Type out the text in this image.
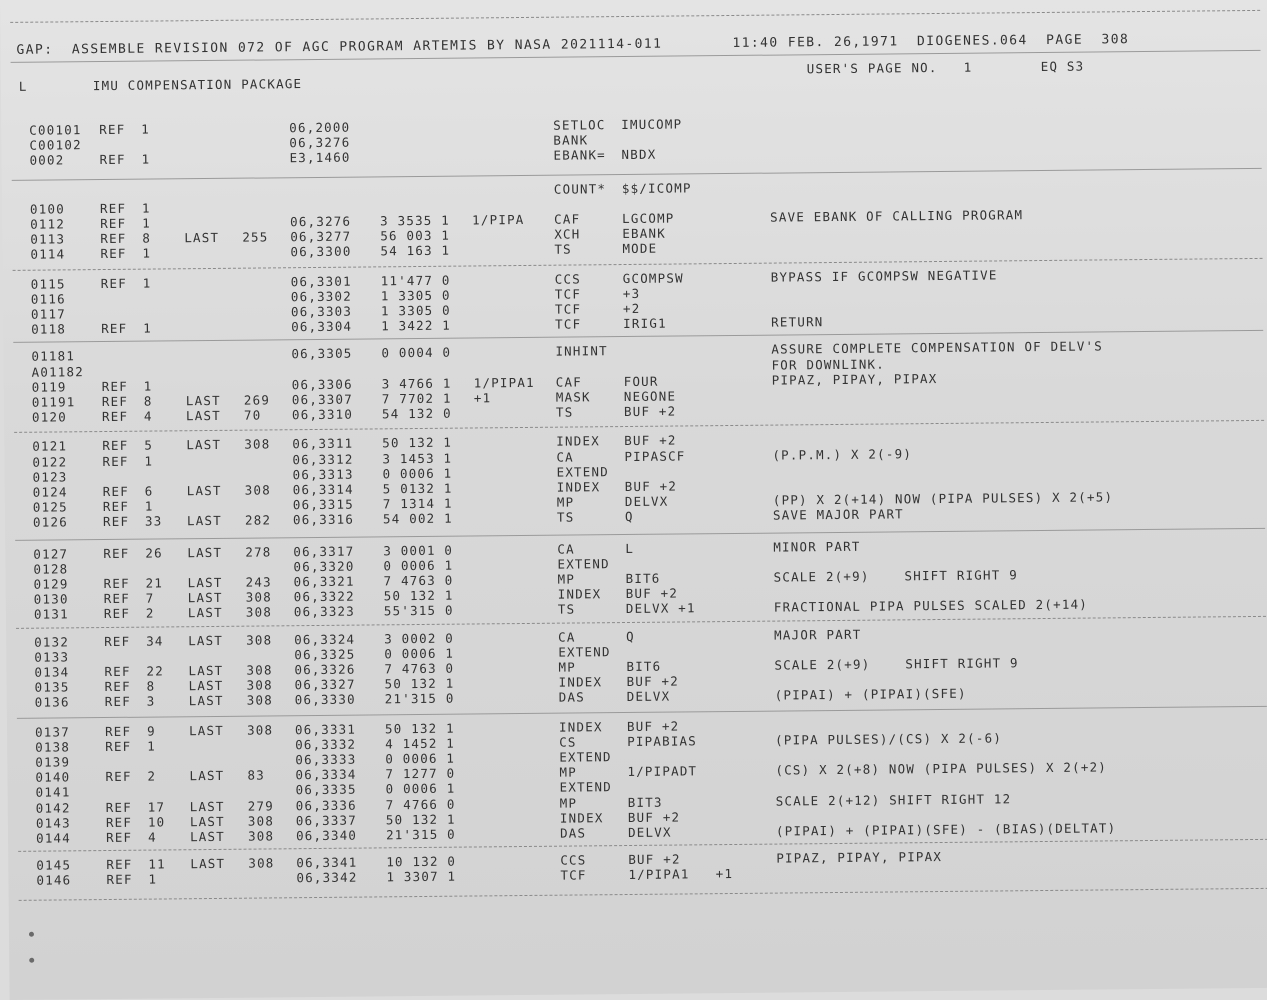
GAP:  ASSEMBLE REVISION 072 OF AGC PROGRAM ARTEMIS BY NASA 2021114-011	11:40 FEB. 26,1971  DIOGENES.064  PAGE  308
L	IMU COMPENSATION PACKAGE
USER'S PAGE NO.   1	EQ S3
C00101	REF 1	06,2000	SETLOC IMUCOMP
C00102	06,3276	BANK
0002	REF 1	E3,1460	EBANK= NBDX
COUNT* $$/ICOMP
0100	REF 1
0112	REF 1	06,3276 3 3535 1 1/PIPA CAF	LGCOMP	SAVE EBANK OF CALLING PROGRAM
0113	REF 8	LAST 255 06,3277 56 003 1	XCH	EBANK
0114	REF 1	06,3300 54 163 1	TS	MODE
0115	REF 1	06,3301 11'477 0	CCS	GCOMPSW	BYPASS IF GCOMPSW NEGATIVE
0116	06,3302 1 3305 0	TCF	+3
0117	06,3303 1 3305 0	TCF	+2
0118	REF 1	06,3304 1 3422 1	TCF	IRIG1	RETURN
01181	06,3305 0 0004 0	INHINT	ASSURE COMPLETE COMPENSATION OF DELV'S
A01182	FOR DOWNLINK.
0119	REF 1	06,3306 3 4766 1 1/PIPA1 CAF	FOUR	PIPAZ, PIPAY, PIPAX
01191	REF 8	LAST 269 06,3307 7 7702 1 +1	MASK	NEGONE
0120	REF 4	LAST 70 06,3310 54 132 0	TS	BUF +2
0121	REF 5	LAST 308 06,3311 50 132 1	INDEX BUF +2
0122	REF 1	06,3312 3 1453 1	CA	PIPASCF	(P.P.M.) X 2(-9)
0123	06,3313 0 0006 1	EXTEND
0124	REF 6	LAST 308 06,3314 5 0132 1	INDEX BUF +2
0125	REF 1	06,3315 7 1314 1	MP	DELVX	(PP) X 2(+14) NOW (PIPA PULSES) X 2(+5)
0126	REF 33 LAST 282 06,3316 54 002 1	TS	Q	SAVE MAJOR PART
0127	REF 26 LAST 278 06,3317 3 0001 0	CA	L	MINOR PART
0128	06,3320 0 0006 1	EXTEND
0129	REF 21 LAST 243 06,3321 7 4763 0	MP	BIT6	SCALE 2(+9)    SHIFT RIGHT 9
0130	REF 7	LAST 308 06,3322 50 132 1	INDEX BUF +2
0131	REF 2	LAST 308 06,3323 55'315 0	TS	DELVX +1	FRACTIONAL PIPA PULSES SCALED 2(+14)
0132	REF 34 LAST 308 06,3324 3 0002 0	CA	Q	MAJOR PART
0133	06,3325 0 0006 1	EXTEND
0134	REF 22 LAST 308 06,3326 7 4763 0	MP	BIT6	SCALE 2(+9)    SHIFT RIGHT 9
0135	REF 8	LAST 308 06,3327 50 132 1	INDEX BUF +2
0136	REF 3	LAST 308 06,3330 21'315 0	DAS	DELVX	(PIPAI) + (PIPAI)(SFE)
0137	REF 9	LAST 308 06,3331 50 132 1	INDEX BUF +2
0138	REF 1	06,3332 4 1452 1	CS	PIPABIAS	(PIPA PULSES)/(CS) X 2(-6)
0139	06,3333 0 0006 1	EXTEND
0140	REF 2	LAST 83 06,3334 7 1277 0	MP	1/PIPADT	(CS) X 2(+8) NOW (PIPA PULSES) X 2(+2)
0141	06,3335 0 0006 1	EXTEND
0142	REF 17 LAST 279 06,3336 7 4766 0	MP	BIT3	SCALE 2(+12) SHIFT RIGHT 12
0143	REF 10 LAST 308 06,3337 50 132 1	INDEX BUF +2
0144	REF 4	LAST 308 06,3340 21'315 0	DAS	DELVX	(PIPAI) + (PIPAI)(SFE) - (BIAS)(DELTAT)
0145	REF 11 LAST 308 06,3341 10 132 0	CCS	BUF +2	PIPAZ, PIPAY, PIPAX
0146	REF 1	06,3342 1 3307 1	TCF	1/PIPA1   +1
